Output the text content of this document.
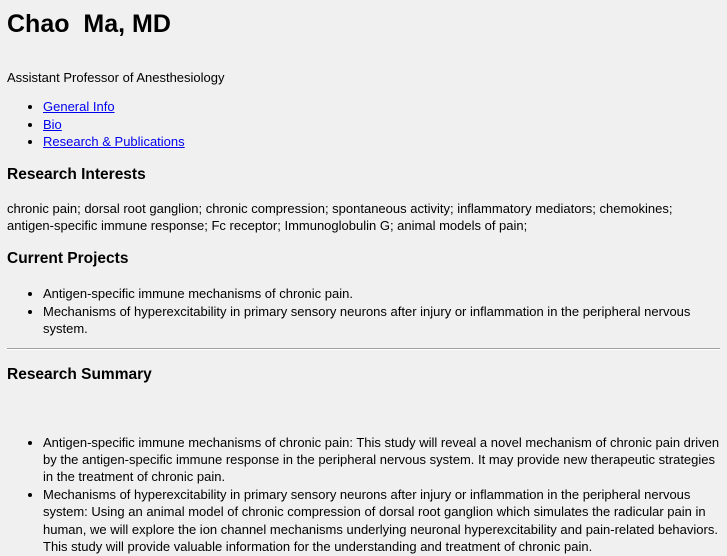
Chao  Ma, MD
Assistant Professor of Anesthesiology
• General Info
• Bio
• Research & Publications
Research Interests
chronic pain; dorsal root ganglion; chronic compression; spontaneous activity; inflammatory mediators; chemokines; antigen-specific immune response; Fc receptor; Immunoglobulin G; animal models of pain;
Current Projects
• Antigen-specific immune mechanisms of chronic pain.
• Mechanisms of hyperexcitability in primary sensory neurons after injury or inflammation in the peripheral nervous system.
Research Summary
• Antigen-specific immune mechanisms of chronic pain: This study will reveal a novel mechanism of chronic pain driven by the antigen-specific immune response in the peripheral nervous system. It may provide new therapeutic strategies in the treatment of chronic pain.
• Mechanisms of hyperexcitability in primary sensory neurons after injury or inflammation in the peripheral nervous system: Using an animal model of chronic compression of dorsal root ganglion which simulates the radicular pain in human, we will explore the ion channel mechanisms underlying neuronal hyperexcitability and pain-related behaviors. This study will provide valuable information for the understanding and treatment of chronic pain.
